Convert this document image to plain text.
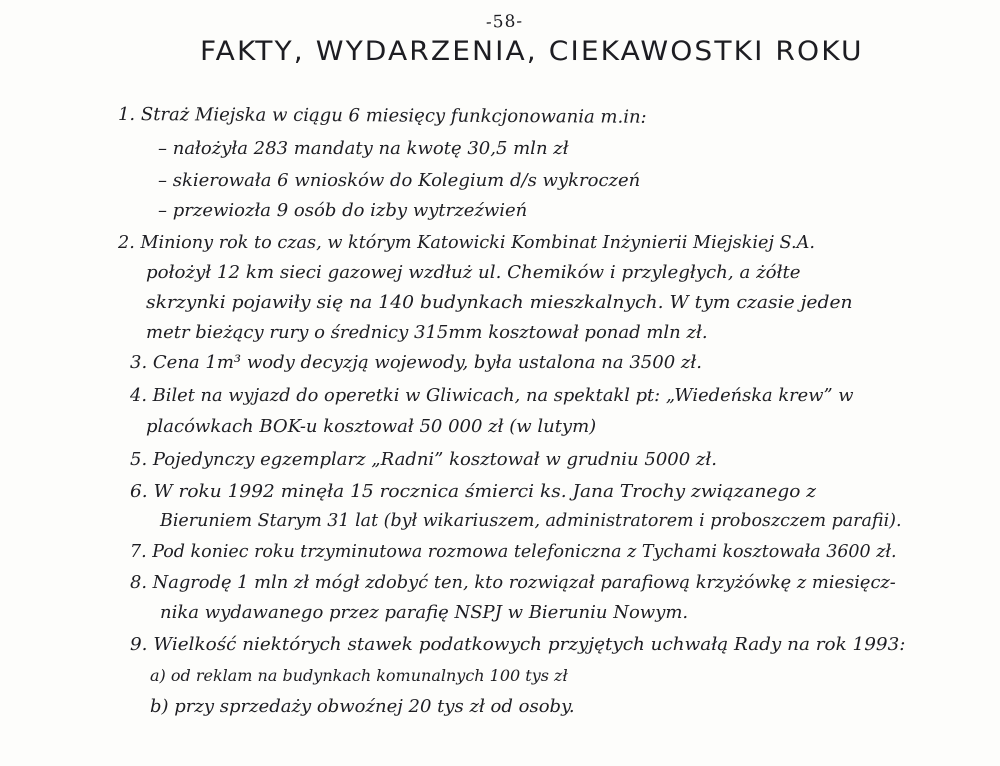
-58-
FAKTY, WYDARZENIA, CIEKAWOSTKI ROKU
1. Straż Miejska w ciągu 6 miesięcy funkcjonowania m.in:
– nałożyła 283 mandaty na kwotę 30,5 mln zł
– skierowała 6 wniosków do Kolegium d/s wykroczeń
– przewiozła 9 osób do izby wytrzeźwień
2. Miniony rok to czas, w którym Katowicki Kombinat Inżynierii Miejskiej S.A.
położył 12 km sieci gazowej wzdłuż ul. Chemików i przyległych, a żółte
skrzynki pojawiły się na 140 budynkach mieszkalnych. W tym czasie jeden
metr bieżący rury o średnicy 315mm kosztował ponad mln zł.
3. Cena 1m³ wody decyzją wojewody, była ustalona na 3500 zł.
4. Bilet na wyjazd do operetki w Gliwicach, na spektakl pt: „Wiedeńska krew” w
placówkach BOK-u kosztował 50 000 zł (w lutym)
5. Pojedynczy egzemplarz „Radni” kosztował w grudniu 5000 zł.
6. W roku 1992 minęła 15 rocznica śmierci ks. Jana Trochy związanego z
Bieruniem Starym 31 lat (był wikariuszem, administratorem i proboszczem parafii).
7. Pod koniec roku trzyminutowa rozmowa telefoniczna z Tychami kosztowała 3600 zł.
8. Nagrodę 1 mln zł mógł zdobyć ten, kto rozwiązał parafiową krzyżówkę z miesięcz-
nika wydawanego przez parafię NSPJ w Bieruniu Nowym.
9. Wielkość niektórych stawek podatkowych przyjętych uchwałą Rady na rok 1993:
a) od reklam na budynkach komunalnych 100 tys zł
b) przy sprzedaży obwoźnej 20 tys zł od osoby.
